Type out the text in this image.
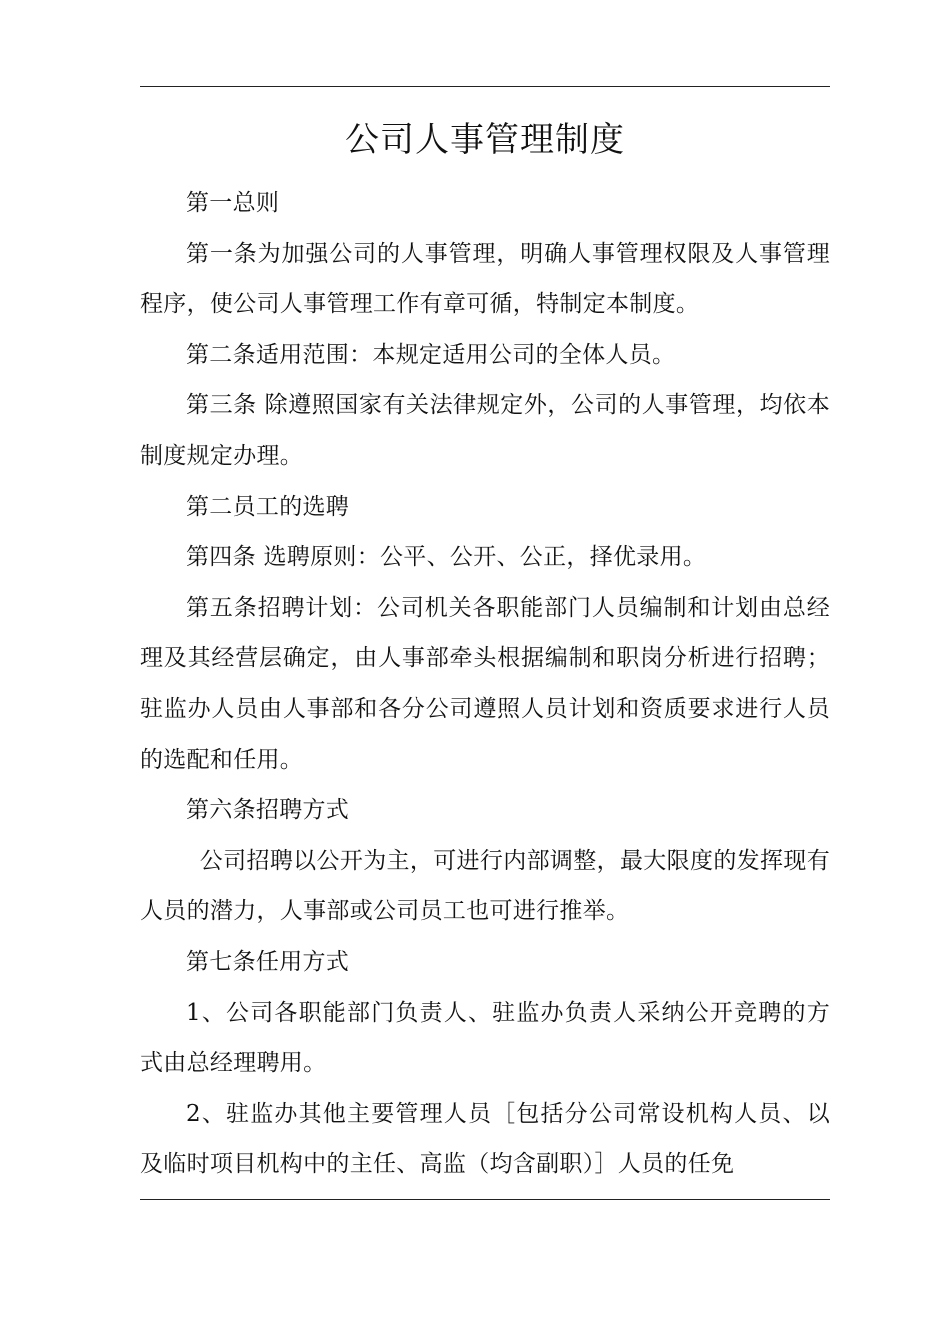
公司人事管理制度

第一总则

第一条为加强公司的人事管理，明确人事管理权限及人事管理程序，使公司人事管理工作有章可循，特制定本制度。

第二条适用范围：本规定适用公司的全体人员。

第三条 除遵照国家有关法律规定外，公司的人事管理，均依本制度规定办理。

第二员工的选聘

第四条 选聘原则：公平、公开、公正，择优录用。

第五条招聘计划：公司机关各职能部门人员编制和计划由总经理及其经营层确定，由人事部牵头根据编制和职岗分析进行招聘；驻监办人员由人事部和各分公司遵照人员计划和资质要求进行人员的选配和任用。

第六条招聘方式

公司招聘以公开为主，可进行内部调整，最大限度的发挥现有人员的潜力，人事部或公司员工也可进行推举。

第七条任用方式

1、公司各职能部门负责人、驻监办负责人采纳公开竞聘的方式由总经理聘用。

2、驻监办其他主要管理人员［包括分公司常设机构人员、以及临时项目机构中的主任、高监（均含副职）］人员的任免
